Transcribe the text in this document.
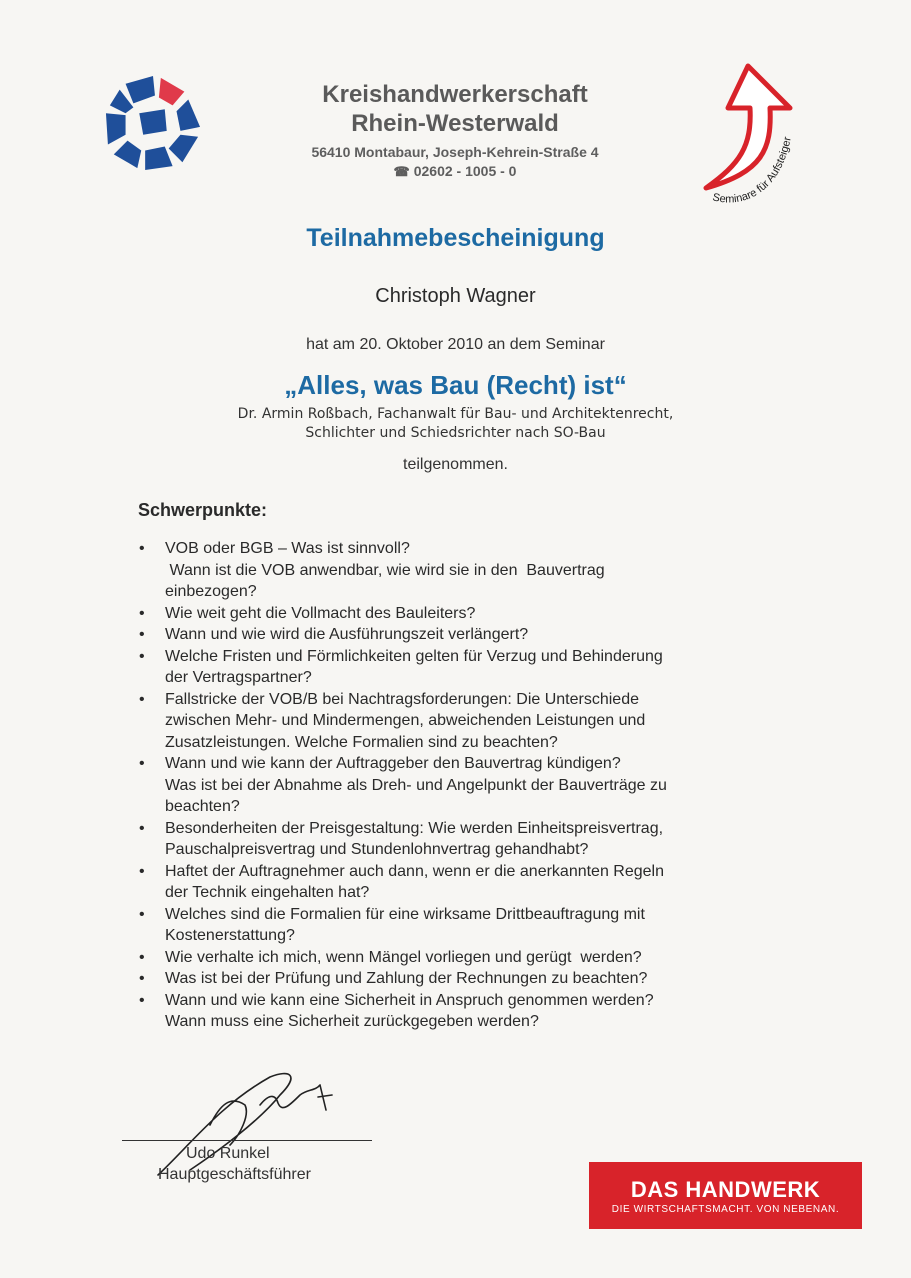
Seminare für Aufsteiger
Kreishandwerkerschaft
Rhein-Westerwald
56410 Montabaur, Joseph-Kehrein-Straße 4
☎ 02602 - 1005 - 0
Teilnahmebescheinigung
Christoph Wagner
hat am 20. Oktober 2010 an dem Seminar
„Alles, was Bau (Recht) ist“
Dr. Armin Roßbach, Fachanwalt für Bau- und Architektenrecht,
Schlichter und Schiedsrichter nach SO-Bau
teilgenommen.
Schwerpunkte:
• VOB oder BGB – Was ist sinnvoll?
Wann ist die VOB anwendbar, wie wird sie in den  Bauvertrag
einbezogen?
• Wie weit geht die Vollmacht des Bauleiters?
• Wann und wie wird die Ausführungszeit verlängert?
• Welche Fristen und Förmlichkeiten gelten für Verzug und Behinderung
der Vertragspartner?
• Fallstricke der VOB/B bei Nachtragsforderungen: Die Unterschiede
zwischen Mehr- und Mindermengen, abweichenden Leistungen und
Zusatzleistungen. Welche Formalien sind zu beachten?
• Wann und wie kann der Auftraggeber den Bauvertrag kündigen?
Was ist bei der Abnahme als Dreh- und Angelpunkt der Bauverträge zu
beachten?
• Besonderheiten der Preisgestaltung: Wie werden Einheitspreisvertrag,
Pauschalpreisvertrag und Stundenlohnvertrag gehandhabt?
• Haftet der Auftragnehmer auch dann, wenn er die anerkannten Regeln
der Technik eingehalten hat?
• Welches sind die Formalien für eine wirksame Drittbeauftragung mit
Kostenerstattung?
• Wie verhalte ich mich, wenn Mängel vorliegen und gerügt  werden?
• Was ist bei der Prüfung und Zahlung der Rechnungen zu beachten?
• Wann und wie kann eine Sicherheit in Anspruch genommen werden?
Wann muss eine Sicherheit zurückgegeben werden?
Udo Runkel
Hauptgeschäftsführer
DAS HANDWERK
DIE WIRTSCHAFTSMACHT. VON NEBENAN.
